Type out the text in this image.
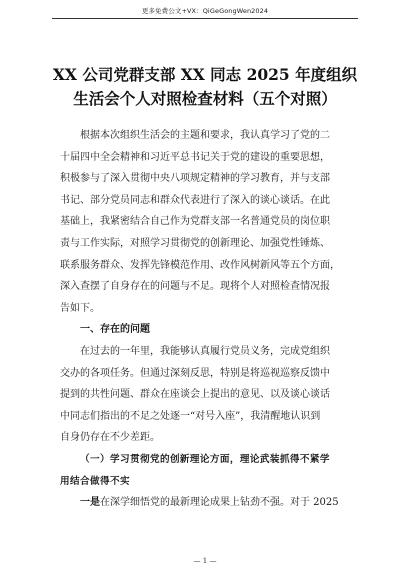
更多免费公文+VX：QiGeGongWen2024
XX 公司党群支部 XX 同志 2025 年度组织
生活会个人对照检查材料（五个对照）
根据本次组织生活会的主题和要求，我认真学习了党的二
十届四中全会精神和习近平总书记关于党的建设的重要思想，
积极参与了深入贯彻中央八项规定精神的学习教育，并与支部
书记、部分党员同志和群众代表进行了深入的谈心谈话。在此
基础上，我紧密结合自己作为党群支部一名普通党员的岗位职
责与工作实际，对照学习贯彻党的创新理论、加强党性锤炼、
联系服务群众、发挥先锋模范作用、改作风树新风等五个方面，
深入查摆了自身存在的问题与不足。现将个人对照检查情况报
告如下。
一、存在的问题
在过去的一年里，我能够认真履行党员义务，完成党组织
交办的各项任务。但通过深刻反思，特别是将巡视巡察反馈中
提到的共性问题、群众在座谈会上提出的意见、以及谈心谈话
中同志们指出的不足之处逐一“对号入座”，我清醒地认识到
自身仍存在不少差距。
（一）学习贯彻党的创新理论方面，理论武装抓得不紧学
用结合做得不实
一是在深学细悟党的最新理论成果上钻劲不强。对于 2025
— 1 —
